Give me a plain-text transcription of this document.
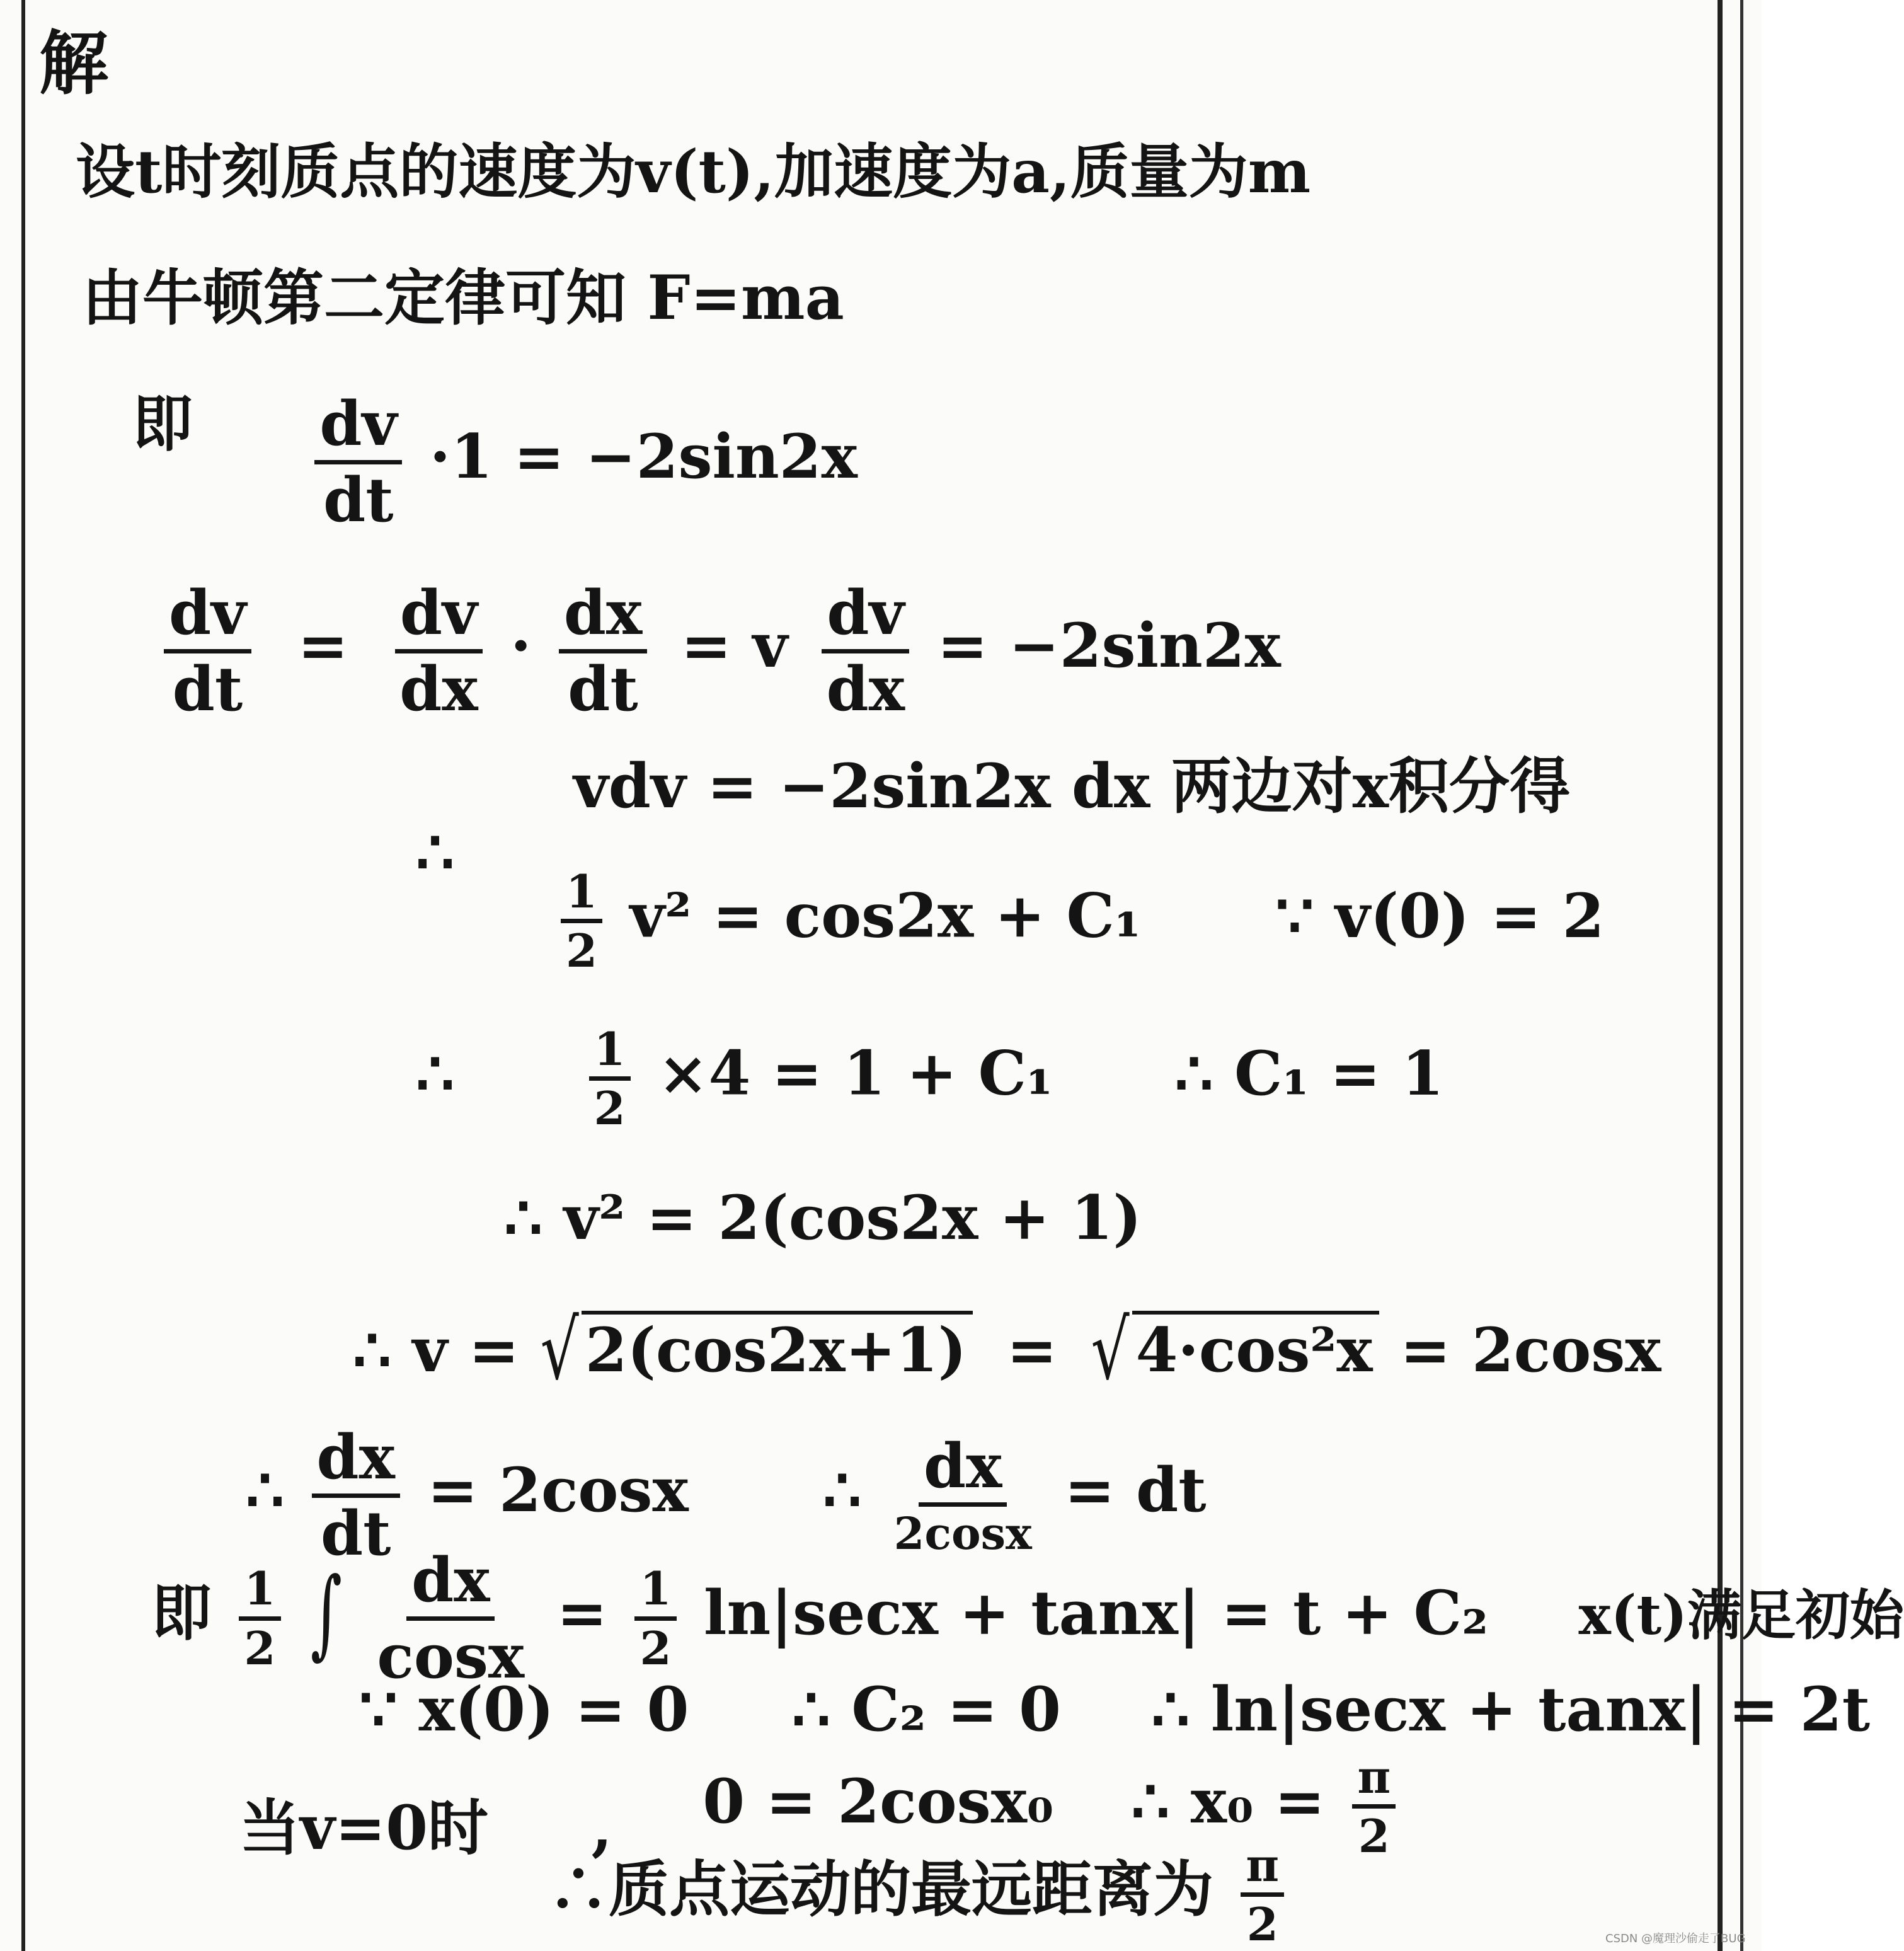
解
设t时刻质点的速度为v(t),加速度为a,质量为m
由牛顿第二定律可知 F=ma
即 $\frac{dv}{dt} \cdot 1 = -2\sin 2x$
$\frac{dv}{dt} = \frac{dv}{dx} \cdot \frac{dx}{dt} = v \frac{dv}{dx} = -2\sin 2x$
vdv = −2sin2x dx 两边对x积分得
∴
$\frac{1}{2} v^2 = \cos 2x + C_1$ ∵ v(0) = 2
∴	$\frac{1}{2} \times 4 = 1 + C_1$ ∴ C₁ = 1
∴ v² = 2(cos2x + 1)
∴ v = √ 2(cos2x+1) = √ 4·cos²x = 2cosx
∴ $\frac{dx}{dt} = 2\cos x$ ∴ $\frac{dx}{2\cos x}$ = dt
即 $\frac{1}{2}$ ∫ $\frac{dx}{\cos x} = \frac{1}{2} \ln|\sec x + \tan x| = t + C_2$ x(t)满足初始
∵ x(0) = 0 ∴ C₂ = 0 ∴ ln|secx + tanx| = 2t
当v=0时 , 0 = 2cosx₀ ∴ $x_0 = \frac{\pi}{2}$
∴质点运动的最远距离为 $\frac{\pi}{2}$	CSDN @魔理沙偷走了BUG
